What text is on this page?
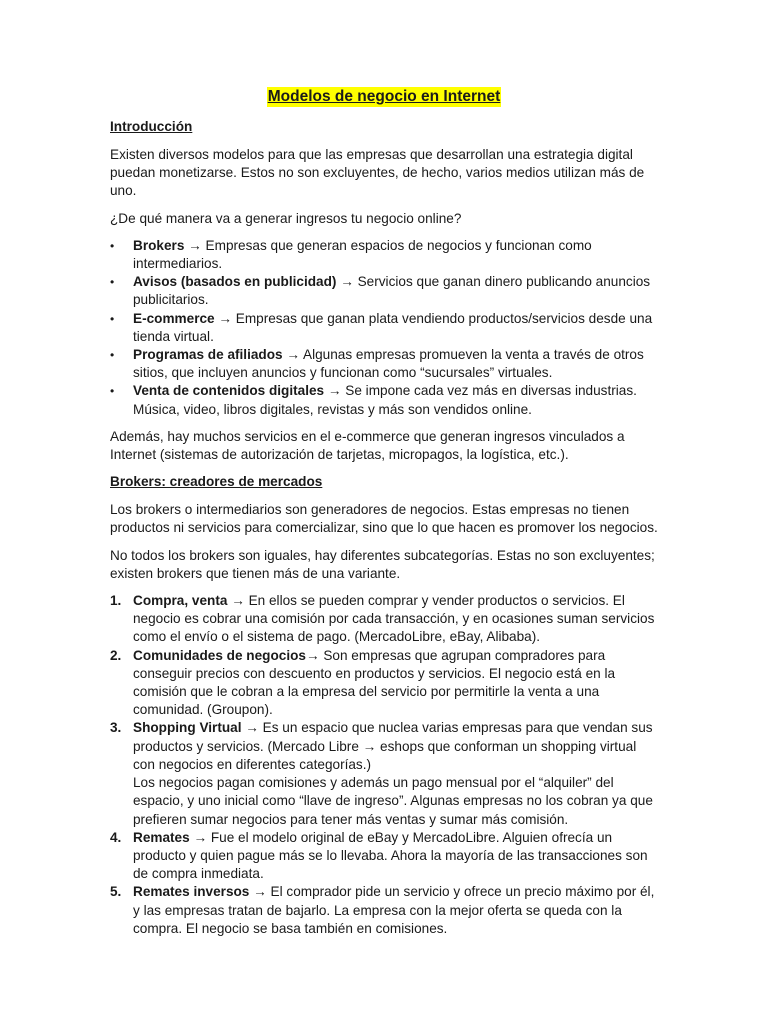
Modelos de negocio en Internet
Introducción

Existen diversos modelos para que las empresas que desarrollan una estrategia digital puedan monetizarse. Estos no son excluyentes, de hecho, varios medios utilizan más de uno.

¿De qué manera va a generar ingresos tu negocio online?

• Brokers → Empresas que generan espacios de negocios y funcionan como intermediarios.
• Avisos (basados en publicidad) → Servicios que ganan dinero publicando anuncios publicitarios.
• E-commerce → Empresas que ganan plata vendiendo productos/servicios desde una tienda virtual.
• Programas de afiliados → Algunas empresas promueven la venta a través de otros sitios, que incluyen anuncios y funcionan como “sucursales” virtuales.
• Venta de contenidos digitales → Se impone cada vez más en diversas industrias. Música, video, libros digitales, revistas y más son vendidos online.

Además, hay muchos servicios en el e-commerce que generan ingresos vinculados a Internet (sistemas de autorización de tarjetas, micropagos, la logística, etc.).

Brokers: creadores de mercados

Los brokers o intermediarios son generadores de negocios. Estas empresas no tienen productos ni servicios para comercializar, sino que lo que hacen es promover los negocios.

No todos los brokers son iguales, hay diferentes subcategorías. Estas no son excluyentes; existen brokers que tienen más de una variante.

1. Compra, venta → En ellos se pueden comprar y vender productos o servicios. El negocio es cobrar una comisión por cada transacción, y en ocasiones suman servicios como el envío o el sistema de pago. (MercadoLibre, eBay, Alibaba).
2. Comunidades de negocios→ Son empresas que agrupan compradores para conseguir precios con descuento en productos y servicios. El negocio está en la comisión que le cobran a la empresa del servicio por permitirle la venta a una comunidad. (Groupon).
3. Shopping Virtual → Es un espacio que nuclea varias empresas para que vendan sus productos y servicios. (Mercado Libre → eshops que conforman un shopping virtual con negocios en diferentes categorías.)
Los negocios pagan comisiones y además un pago mensual por el “alquiler” del espacio, y uno inicial como “llave de ingreso”. Algunas empresas no los cobran ya que prefieren sumar negocios para tener más ventas y sumar más comisión.
4. Remates → Fue el modelo original de eBay y MercadoLibre. Alguien ofrecía un producto y quien pague más se lo llevaba. Ahora la mayoría de las transacciones son de compra inmediata.
5. Remates inversos → El comprador pide un servicio y ofrece un precio máximo por él, y las empresas tratan de bajarlo. La empresa con la mejor oferta se queda con la compra. El negocio se basa también en comisiones.
